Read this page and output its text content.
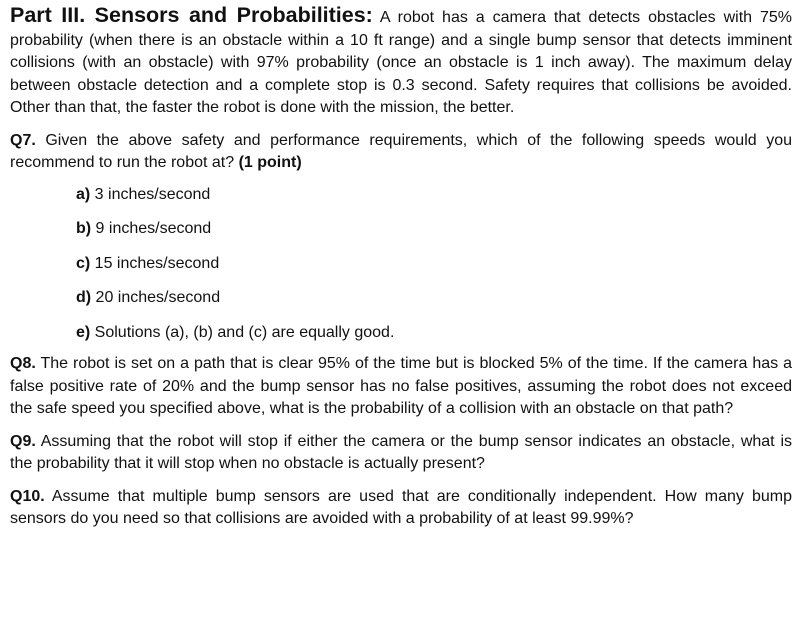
Part III. Sensors and Probabilities: A robot has a camera that detects obstacles with 75% probability (when there is an obstacle within a 10 ft range) and a single bump sensor that detects imminent collisions (with an obstacle) with 97% probability (once an obstacle is 1 inch away). The maximum delay between obstacle detection and a complete stop is 0.3 second. Safety requires that collisions be avoided. Other than that, the faster the robot is done with the mission, the better.

Q7. Given the above safety and performance requirements, which of the following speeds would you recommend to run the robot at? (1 point)

a) 3 inches/second
b) 9 inches/second
c) 15 inches/second
d) 20 inches/second
e) Solutions (a), (b) and (c) are equally good.

Q8. The robot is set on a path that is clear 95% of the time but is blocked 5% of the time. If the camera has a false positive rate of 20% and the bump sensor has no false positives, assuming the robot does not exceed the safe speed you specified above, what is the probability of a collision with an obstacle on that path?

Q9. Assuming that the robot will stop if either the camera or the bump sensor indicates an obstacle, what is the probability that it will stop when no obstacle is actually present?

Q10. Assume that multiple bump sensors are used that are conditionally independent. How many bump sensors do you need so that collisions are avoided with a probability of at least 99.99%?
